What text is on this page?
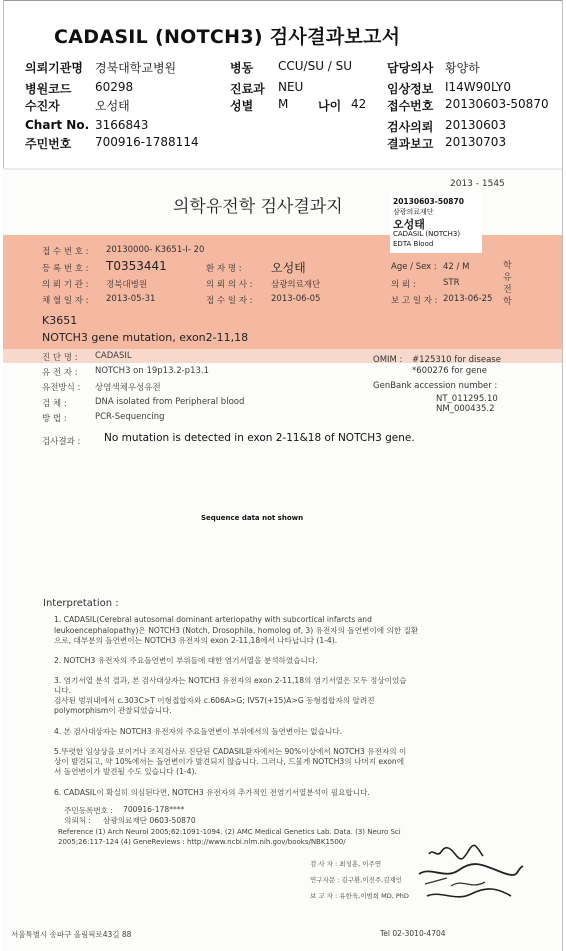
CADASIL (NOTCH3) 검사결과보고서
의뢰기관명 경북대학교병원	병동 CCU/SU / SU	담당의사 황양하
병원코드 60298	진료과 NEU	임상정보 I14W90LY0
수진자	오성태	성별 M 나이 42 접수번호 20130603-50870
Chart No. 3166843	검사의뢰 20130603
주민번호 700916-1788114	결과보고 20130703
2013 - 1545
의학유전학 검사결과지	20130603-50870
삼광의료재단
오성태
CADASIL (NOTCH3)
EDTA Blood
학
유
전
학
접 수 번 호 : 20130000- K3651-I- 20
등 록 번 호 : T0353441	환 자 명 : 오성태	Age / Sex : 42 / M
의 뢰 기 관 : 경북대병원	의 뢰 의 사 : 삼광의료재단	의 뢰 :	STR
채 혈 일 자 : 2013-05-31	접 수 일 자 : 2013-06-05	보 고 일 자 : 2013-06-25
K3651
NOTCH3 gene mutation, exon2-11,18
진 단 명 : CADASIL
유 전 자 : NOTCH3 on 19p13.2-p13.1
유전방식 : 상염색체우성유전
검 체 :	DNA isolated from Peripheral blood
방 법 :	PCR-Sequencing
OMIM : #125310 for disease
*600276 for gene
GenBank accession number :
NT_011295.10
NM_000435.2
검사결과 : No mutation is detected in exon 2-11&18 of NOTCH3 gene.
Sequence data not shown
Interpretation :
1. CADASIL(Cerebral autosomal dominant arteriopathy with subcortical infarcts and
leukoencephalopathy)은 NOTCH3 (Notch, Drosophila, homolog of, 3) 유전자의 돌연변이에 의한 질환
으로, 대부분의 돌연변이는 NOTCH3 유전자의 exon 2-11,18에서 나타납니다 (1-4).
2. NOTCH3 유전자의 주요돌연변이 부위들에 대한 염기서열을 분석하였습니다.
3. 염기서열 분석 결과, 본 검사대상자는 NOTCH3 유전자의 exon 2-11,18의 염기서열은 모두 정상이었습
니다.
검사된 범위내에서 c.303C>T 이형접합자와 c.606A>G; IVS7(+15)A>G 동형접합자의 알려진
polymorphism이 관찰되었습니다.
4. 본 검사대상자는 NOTCH3 유전자의 주요돌연변이 부위에서의 돌연변이는 없습니다.
5.뚜렷한 임상상을 보이거나 조직검사로 진단된 CADASIL환자에서는 90%이상에서 NOTCH3 유전자의 이
상이 발견되고, 약 10%에서는 돌연변이가 발견되지 않습니다. 그러나, 드물게 NOTCH3의 나머지 exon에
서 돌연변이가 발견될 수도 있습니다 (1-4).
6. CADASIL이 확실히 의심된다면, NOTCH3 유전자의 추가적인 전염기서열분석이 필요합니다.
주민등록번호 : 700916-178****
의뢰처 : 삼광의료재단 0603-50870
Reference (1) Arch Neurol 2005;62:1091-1094. (2) AMC Medical Genetics Lab. Data. (3) Neuro Sci
2005;26:117-124 (4) GeneReviews : http://www.ncbi.nlm.nih.gov/books/NBK1500/
검 사 자 : 최성훈, 이주연
연구자문 : 김구환,이진주,김재인
보 고 자 : 유한욱,이범희 MD, PhD
서울특별시 송파구 올림픽로43길 88	Tel 02-3010-4704
